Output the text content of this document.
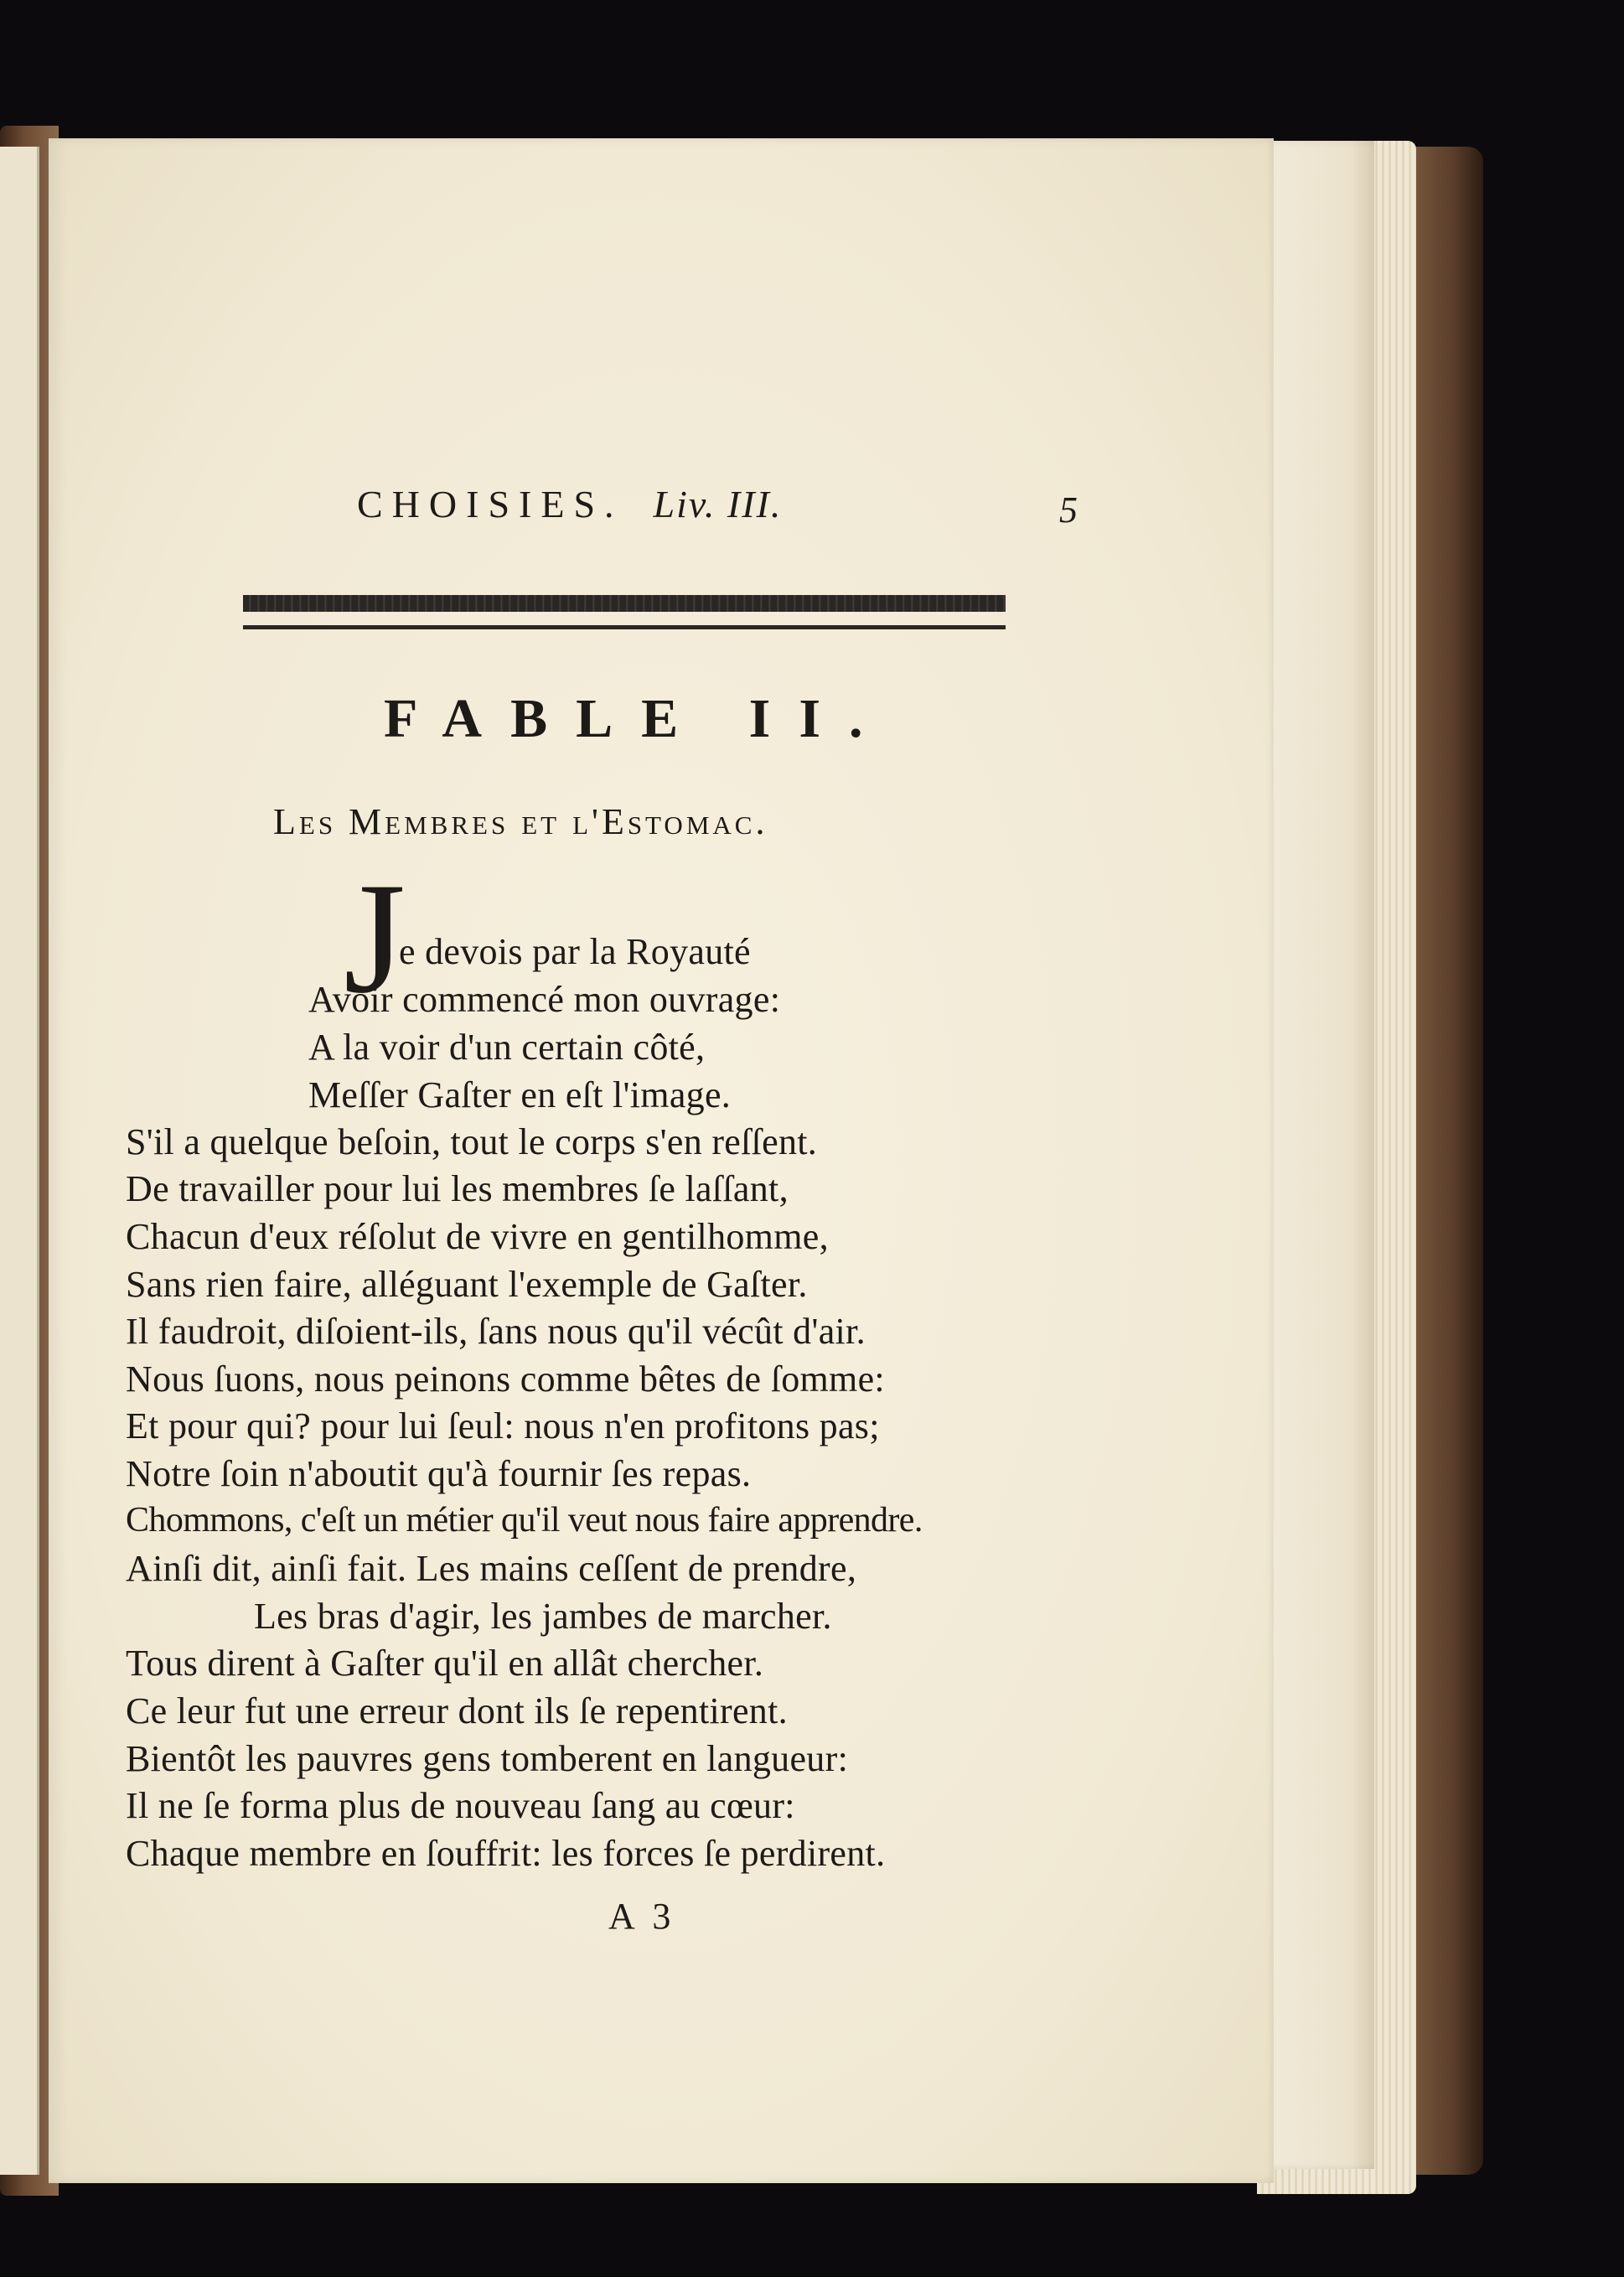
CHOISIES. Liv. III.	5
FABLE II.
Les Membres et l'Estomac.
J
e devois par la Royauté
Avoir commencé mon ouvrage:
A la voir d'un certain côté,
Meſſer Gaſter en eſt l'image.
S'il a quelque beſoin, tout le corps s'en reſſent.
De travailler pour lui les membres ſe laſſant,
Chacun d'eux réſolut de vivre en gentilhomme,
Sans rien faire, alléguant l'exemple de Gaſter.
Il faudroit, diſoient-ils, ſans nous qu'il vécût d'air.
Nous ſuons, nous peinons comme bêtes de ſomme:
Et pour qui? pour lui ſeul: nous n'en profitons pas;
Notre ſoin n'aboutit qu'à fournir ſes repas.
Chommons, c'eſt un métier qu'il veut nous faire apprendre.
Ainſi dit, ainſi fait. Les mains ceſſent de prendre,
Les bras d'agir, les jambes de marcher.
Tous dirent à Gaſter qu'il en allât chercher.
Ce leur fut une erreur dont ils ſe repentirent.
Bientôt les pauvres gens tomberent en langueur:
Il ne ſe forma plus de nouveau ſang au cœur:
Chaque membre en ſouffrit: les forces ſe perdirent.
A 3
